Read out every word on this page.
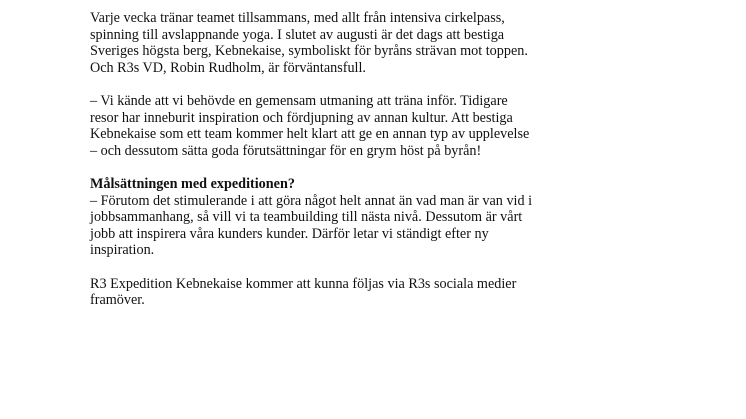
Varje vecka tränar teamet tillsammans, med allt från intensiva cirkelpass,
spinning till avslappnande yoga. I slutet av augusti är det dags att bestiga
Sveriges högsta berg, Kebnekaise, symboliskt för byråns strävan mot toppen.
Och R3s VD, Robin Rudholm, är förväntansfull.

– Vi kände att vi behövde en gemensam utmaning att träna inför. Tidigare
resor har inneburit inspiration och fördjupning av annan kultur. Att bestiga
Kebnekaise som ett team kommer helt klart att ge en annan typ av upplevelse
– och dessutom sätta goda förutsättningar för en grym höst på byrån!

Målsättningen med expeditionen?
– Förutom det stimulerande i att göra något helt annat än vad man är van vid i
jobbsammanhang, så vill vi ta teambuilding till nästa nivå. Dessutom är vårt
jobb att inspirera våra kunders kunder. Därför letar vi ständigt efter ny
inspiration.

R3 Expedition Kebnekaise kommer att kunna följas via R3s sociala medier
framöver.
